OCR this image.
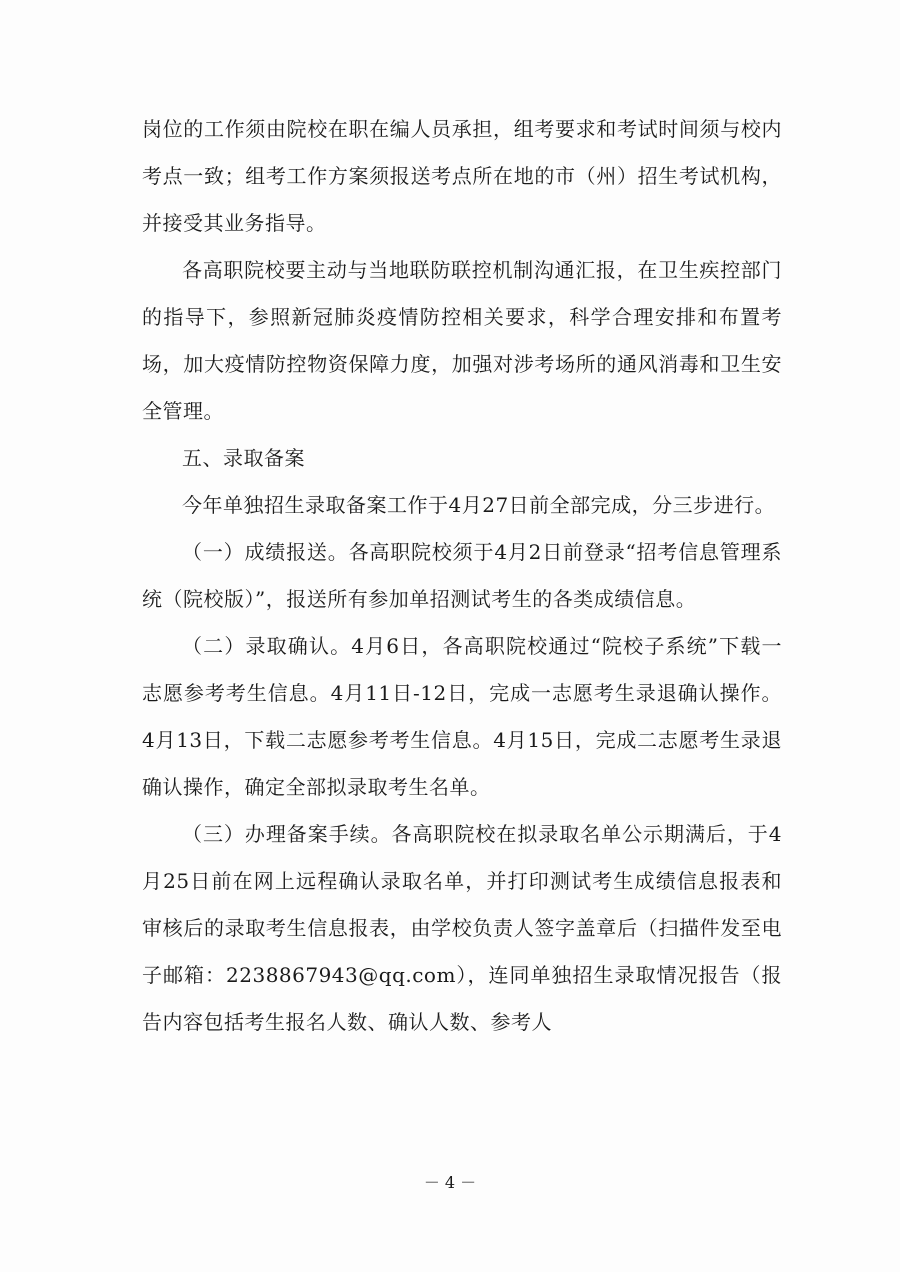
岗位的工作须由院校在职在编人员承担，组考要求和考试时间须与校内考点一致；组考工作方案须报送考点所在地的市（州）招生考试机构，并接受其业务指导。

各高职院校要主动与当地联防联控机制沟通汇报，在卫生疾控部门的指导下，参照新冠肺炎疫情防控相关要求，科学合理安排和布置考场，加大疫情防控物资保障力度，加强对涉考场所的通风消毒和卫生安全管理。

五、录取备案

今年单独招生录取备案工作于4月27日前全部完成，分三步进行。

（一）成绩报送。各高职院校须于4月2日前登录“招考信息管理系统（院校版）”，报送所有参加单招测试考生的各类成绩信息。

（二）录取确认。4月6日，各高职院校通过“院校子系统”下载一志愿参考考生信息。4月11日-12日，完成一志愿考生录退确认操作。4月13日，下载二志愿参考考生信息。4月15日，完成二志愿考生录退确认操作，确定全部拟录取考生名单。

（三）办理备案手续。各高职院校在拟录取名单公示期满后，于4月25日前在网上远程确认录取名单，并打印测试考生成绩信息报表和审核后的录取考生信息报表，由学校负责人签字盖章后（扫描件发至电子邮箱：2238867943@qq.com），连同单独招生录取情况报告（报告内容包括考生报名人数、确认人数、参考人

－ 4 －
